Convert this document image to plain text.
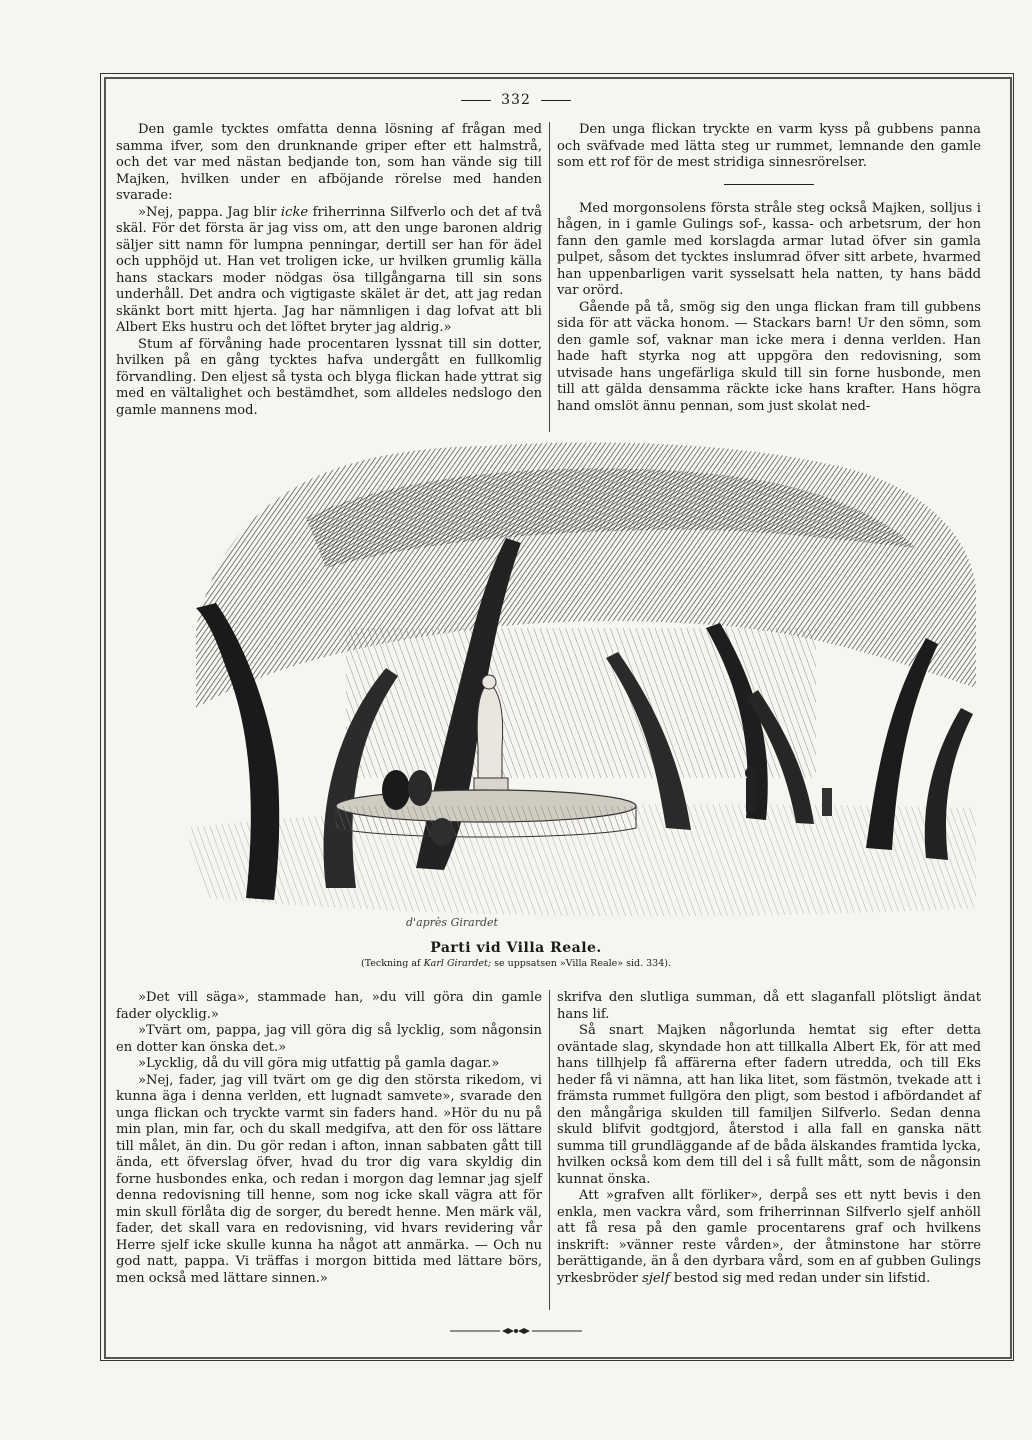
332

Den gamle tycktes omfatta denna lösning af frågan med samma ifver, som den drunknande griper efter ett halmstrå, och det var med nästan bedjande ton, som han vände sig till Majken, hvilken under en afböjande rörelse med handen svarade:

»Nej, pappa. Jag blir icke friherrinna Silfverlo och det af två skäl. För det första är jag viss om, att den unge baronen aldrig säljer sitt namn för lumpna penningar, dertill ser han för ädel och upphöjd ut. Han vet troligen icke, ur hvilken grumlig källa hans stackars moder nödgas ösa tillgångarna till sin sons underhåll. Det andra och vigtigaste skälet är det, att jag redan skänkt bort mitt hjerta. Jag har nämnligen i dag lofvat att bli Albert Eks hustru och det löftet bryter jag aldrig.»

Stum af förvåning hade procentaren lyssnat till sin dotter, hvilken på en gång tycktes hafva undergått en fullkomlig förvandling. Den eljest så tysta och blyga flickan hade yttrat sig med en vältalighet och bestämdhet, som alldeles nedslogo den gamle mannens mod.

Den unga flickan tryckte en varm kyss på gubbens panna och sväfvade med lätta steg ur rummet, lemnande den gamle som ett rof för de mest stridiga sinnesrörelser.

Med morgonsolens första stråle steg också Majken, solljus i hågen, in i gamle Gulings sof-, kassa- och arbetsrum, der hon fann den gamle med korslagda armar lutad öfver sin gamla pulpet, såsom det tycktes inslumrad öfver sitt arbete, hvarmed han uppenbarligen varit sysselsatt hela natten, ty hans bädd var orörd.

Gående på tå, smög sig den unga flickan fram till gubbens sida för att väcka honom. — Stackars barn! Ur den sömn, som den gamle sof, vaknar man icke mera i denna verlden. Han hade haft styrka nog att uppgöra den redovisning, som utvisade hans ungefärliga skuld till sin forne husbonde, men till att gälda densamma räckte icke hans krafter. Hans högra hand omslöt ännu pennan, som just skolat ned-

d'après Girardet
Parti vid Villa Reale.
(Teckning af Karl Girardet; se uppsatsen »Villa Reale» sid. 334).

»Det vill säga», stammade han, »du vill göra din gamle fader olycklig.»

»Tvärt om, pappa, jag vill göra dig så lycklig, som någonsin en dotter kan önska det.»

»Lycklig, då du vill göra mig utfattig på gamla dagar.»

»Nej, fader, jag vill tvärt om ge dig den största rikedom, vi kunna äga i denna verlden, ett lugnadt samvete», svarade den unga flickan och tryckte varmt sin faders hand. »Hör du nu på min plan, min far, och du skall medgifva, att den för oss lättare till målet, än din. Du gör redan i afton, innan sabbaten gått till ända, ett öfverslag öfver, hvad du tror dig vara skyldig din forne husbondes enka, och redan i morgon dag lemnar jag sjelf denna redovisning till henne, som nog icke skall vägra att för min skull förlåta dig de sorger, du beredt henne. Men märk väl, fader, det skall vara en redovisning, vid hvars revidering vår Herre sjelf icke skulle kunna ha något att anmärka. — Och nu god natt, pappa. Vi träffas i morgon bittida med lättare börs, men också med lättare sinnen.»

skrifva den slutliga summan, då ett slaganfall plötsligt ändat hans lif.

Så snart Majken någorlunda hemtat sig efter detta oväntade slag, skyndade hon att tillkalla Albert Ek, för att med hans tillhjelp få affärerna efter fadern utredda, och till Eks heder få vi nämna, att han lika litet, som fästmön, tvekade att i främsta rummet fullgöra den pligt, som bestod i afbördandet af den mångåriga skulden till familjen Silfverlo. Sedan denna skuld blifvit godtgjord, återstod i alla fall en ganska nätt summa till grundläggande af de båda älskandes framtida lycka, hvilken också kom dem till del i så fullt mått, som de någonsin kunnat önska.

Att »grafven allt förliker», derpå ses ett nytt bevis i den enkla, men vackra vård, som friherrinnan Silfverlo sjelf anhöll att få resa på den gamle procentarens graf och hvilkens inskrift: »vänner reste vården», der åtminstone har större berättigande, än å den dyrbara vård, som en af gubben Gulings yrkesbröder sjelf bestod sig med redan under sin lifstid.
